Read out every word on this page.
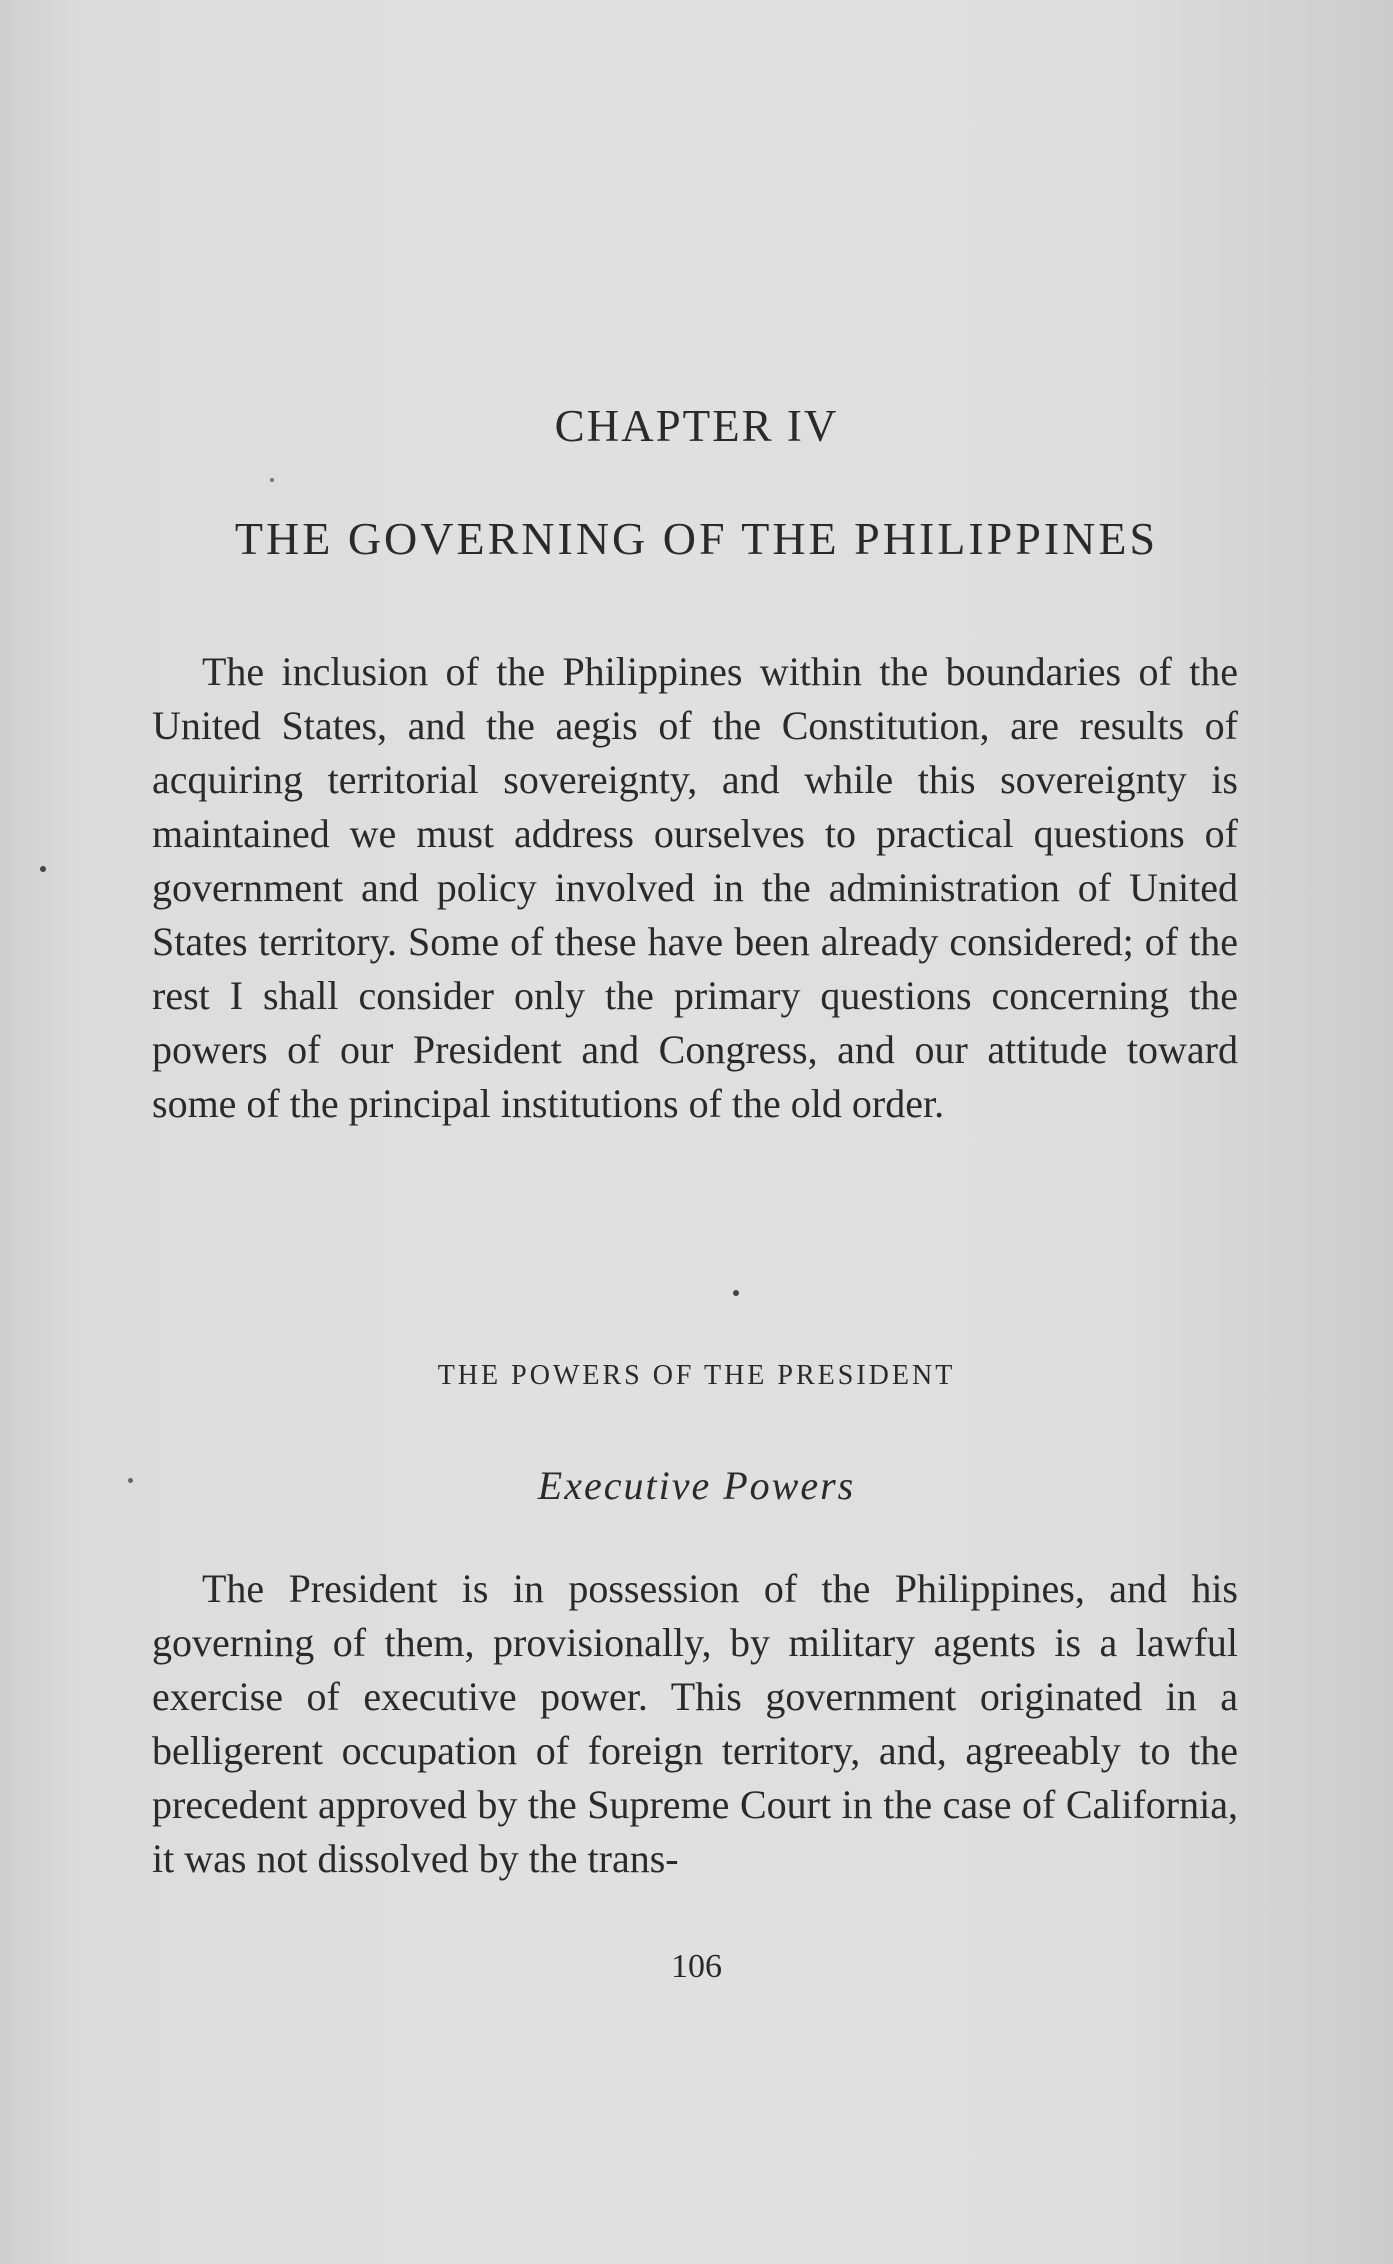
CHAPTER IV
THE GOVERNING OF THE PHILIPPINES

The inclusion of the Philippines within the boundaries of the United States, and the aegis of the Constitution, are results of acquiring territorial sovereignty, and while this sovereignty is maintained we must address ourselves to practical questions of government and policy involved in the administration of United States territory. Some of these have been already considered; of the rest I shall consider only the primary questions concerning the powers of our President and Congress, and our attitude toward some of the principal institutions of the old order.

THE POWERS OF THE PRESIDENT
Executive Powers

The President is in possession of the Philippines, and his governing of them, provisionally, by military agents is a lawful exercise of executive power. This government originated in a belligerent occupation of foreign territory, and, agreeably to the precedent approved by the Supreme Court in the case of California, it was not dissolved by the trans-

106
